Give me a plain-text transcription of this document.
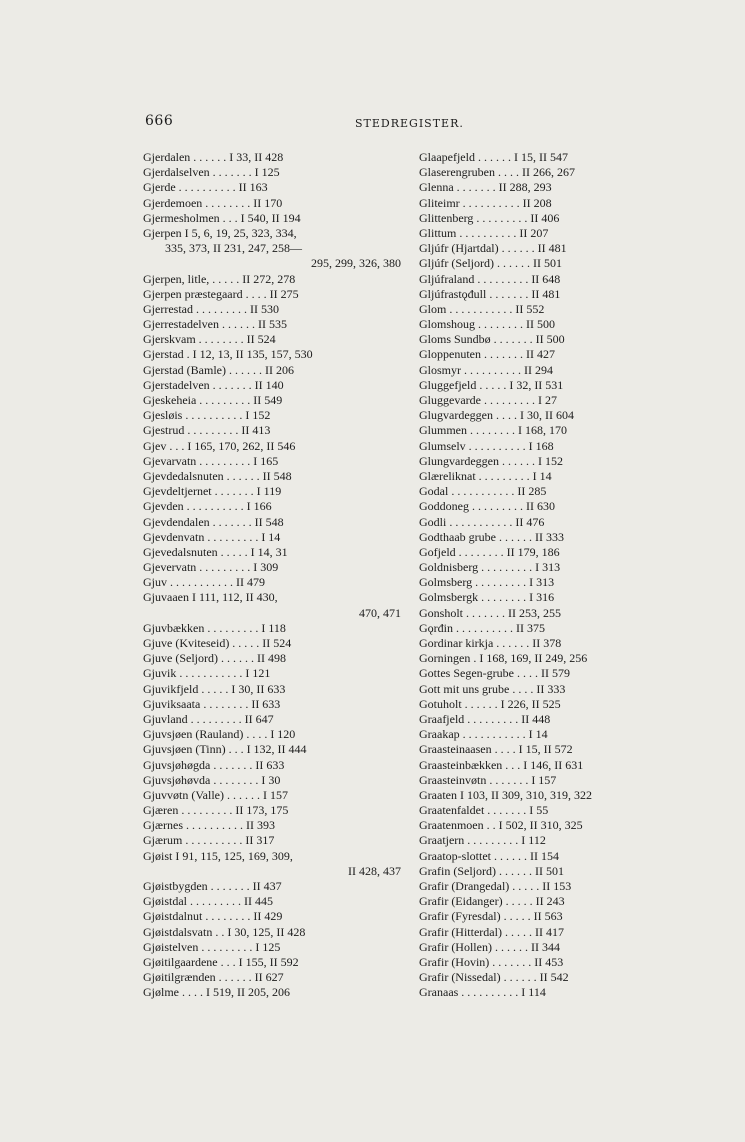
666	STEDREGISTER.
Gjerdalen . . . . . . I 33, II 428
Gjerdalselven . . . . . . . I 125
Gjerde . . . . . . . . . . II 163
Gjerdemoen . . . . . . . . II 170
Gjermesholmen . . . I 540, II 194
Gjerpen I 5, 6, 19, 25, 323, 334,
335, 373, II 231, 247, 258—
295, 299, 326, 380
Gjerpen, litle, . . . . . II 272, 278
Gjerpen præstegaard . . . . II 275
Gjerrestad . . . . . . . . . II 530
Gjerrestadelven . . . . . . II 535
Gjerskvam . . . . . . . . II 524
Gjerstad . I 12, 13, II 135, 157, 530
Gjerstad (Bamle) . . . . . . II 206
Gjerstadelven . . . . . . . II 140
Gjeskeheia . . . . . . . . . II 549
Gjesløis . . . . . . . . . . I 152
Gjestrud . . . . . . . . . II 413
Gjev . . . I 165, 170, 262, II 546
Gjevarvatn . . . . . . . . . I 165
Gjevdedalsnuten . . . . . . II 548
Gjevdeltjernet . . . . . . . I 119
Gjevden . . . . . . . . . . I 166
Gjevdendalen . . . . . . . II 548
Gjevdenvatn . . . . . . . . . I 14
Gjevedalsnuten . . . . . I 14, 31
Gjevervatn . . . . . . . . . I 309
Gjuv . . . . . . . . . . . II 479
Gjuvaaen I 111, 112, II 430,
470, 471
Gjuvbækken . . . . . . . . . I 118
Gjuve (Kviteseid) . . . . . II 524
Gjuve (Seljord) . . . . . . II 498
Gjuvik . . . . . . . . . . . I 121
Gjuvikfjeld . . . . . I 30, II 633
Gjuviksaata . . . . . . . . II 633
Gjuvland . . . . . . . . . II 647
Gjuvsjøen (Rauland) . . . . I 120
Gjuvsjøen (Tinn) . . . I 132, II 444
Gjuvsjøhøgda . . . . . . . II 633
Gjuvsjøhøvda . . . . . . . . I 30
Gjuvvøtn (Valle) . . . . . . I 157
Gjæren . . . . . . . . . II 173, 175
Gjærnes . . . . . . . . . . II 393
Gjærum . . . . . . . . . . II 317
Gjøist I 91, 115, 125, 169, 309,
II 428, 437
Gjøistbygden . . . . . . . II 437
Gjøistdal . . . . . . . . . II 445
Gjøistdalnut . . . . . . . . II 429
Gjøistdalsvatn . . I 30, 125, II 428
Gjøistelven . . . . . . . . . I 125
Gjøitilgaardene . . . I 155, II 592
Gjøitilgrænden . . . . . . II 627
Gjølme . . . . I 519, II 205, 206
Glaapefjeld . . . . . . I 15, II 547
Glaserengruben . . . . II 266, 267
Glenna . . . . . . . II 288, 293
Gliteimr . . . . . . . . . . II 208
Glittenberg . . . . . . . . . II 406
Glittum . . . . . . . . . . II 207
Gljúfr (Hjartdal) . . . . . . II 481
Gljúfr (Seljord) . . . . . . II 501
Gljúfraland . . . . . . . . . II 648
Gljúfrastǫđull . . . . . . . II 481
Glom . . . . . . . . . . . II 552
Glomshoug . . . . . . . . II 500
Gloms Sundbø . . . . . . . II 500
Gloppenuten . . . . . . . II 427
Glosmyr . . . . . . . . . . II 294
Gluggefjeld . . . . . I 32, II 531
Gluggevarde . . . . . . . . . I 27
Glugvardeggen . . . . I 30, II 604
Glummen . . . . . . . . I 168, 170
Glumselv . . . . . . . . . . I 168
Glungvardeggen . . . . . . I 152
Glæreliknat . . . . . . . . . I 14
Godal . . . . . . . . . . . II 285
Goddoneg . . . . . . . . . II 630
Godli . . . . . . . . . . . II 476
Godthaab grube . . . . . . II 333
Gofjeld . . . . . . . . II 179, 186
Goldnisberg . . . . . . . . . I 313
Golmsberg . . . . . . . . . I 313
Golmsbergk . . . . . . . . I 316
Gonsholt . . . . . . . II 253, 255
Gǫrđin . . . . . . . . . . II 375
Gordinar kirkja . . . . . . II 378
Gorningen . I 168, 169, II 249, 256
Gottes Segen-grube . . . . II 579
Gott mit uns grube . . . . II 333
Gotuholt . . . . . . I 226, II 525
Graafjeld . . . . . . . . . II 448
Graakap . . . . . . . . . . . I 14
Graasteinaasen . . . . I 15, II 572
Graasteinbækken . . . I 146, II 631
Graasteinvøtn . . . . . . . I 157
Graaten I 103, II 309, 310, 319, 322
Graatenfaldet . . . . . . . I 55
Graatenmoen . . I 502, II 310, 325
Graatjern . . . . . . . . . I 112
Graatop-slottet . . . . . . II 154
Grafin (Seljord) . . . . . . II 501
Grafir (Drangedal) . . . . . II 153
Grafir (Eidanger) . . . . . II 243
Grafir (Fyresdal) . . . . . II 563
Grafir (Hitterdal) . . . . . II 417
Grafir (Hollen) . . . . . . II 344
Grafir (Hovin) . . . . . . . II 453
Grafir (Nissedal) . . . . . . II 542
Granaas . . . . . . . . . . I 114
